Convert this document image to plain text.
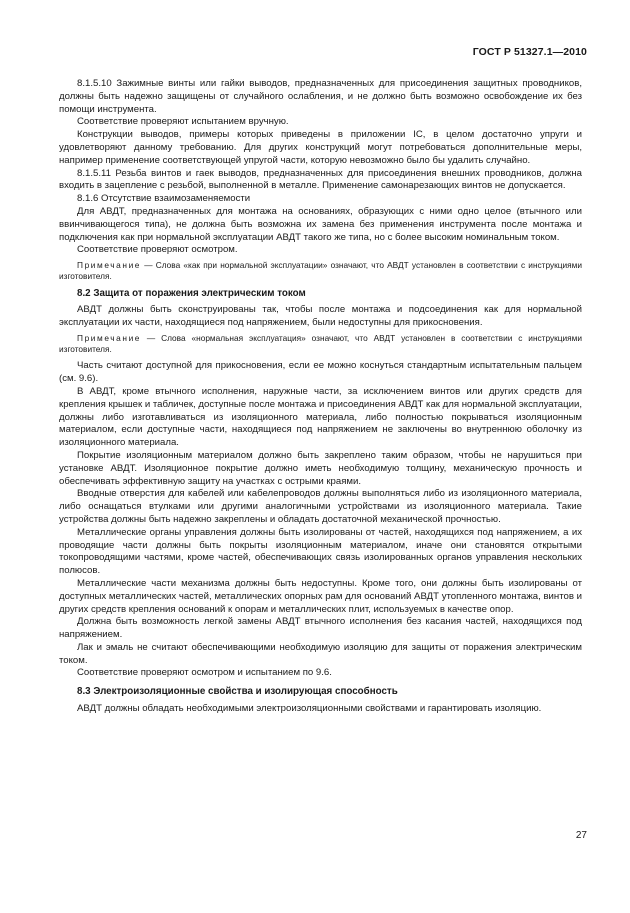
ГОСТ Р 51327.1—2010

8.1.5.10 Зажимные винты или гайки выводов, предназначенных для присоединения защитных проводников, должны быть надежно защищены от случайного ослабления, и не должно быть возможно освобождение их без помощи инструмента.

Соответствие проверяют испытанием вручную.

Конструкции выводов, примеры которых приведены в приложении IC, в целом достаточно упруги и удовлетворяют данному требованию. Для других конструкций могут потребоваться дополнительные меры, например применение соответствующей упругой части, которую невозможно было бы удалить случайно.

8.1.5.11 Резьба винтов и гаек выводов, предназначенных для присоединения внешних проводников, должна входить в зацепление с резьбой, выполненной в металле. Применение самонарезающих винтов не допускается.

8.1.6 Отсутствие взаимозаменяемости

Для АВДТ, предназначенных для монтажа на основаниях, образующих с ними одно целое (втычного или ввинчивающегося типа), не должна быть возможна их замена без применения инструмента после монтажа и подключения как при нормальной эксплуатации АВДТ такого же типа, но с более высоким номинальным током.

Соответствие проверяют осмотром.

Примечание — Слова «как при нормальной эксплуатации» означают, что АВДТ установлен в соответствии с инструкциями изготовителя.

8.2 Защита от поражения электрическим током

АВДТ должны быть сконструированы так, чтобы после монтажа и подсоединения как для нормальной эксплуатации их части, находящиеся под напряжением, были недоступны для прикосновения.

Примечание — Слова «нормальная эксплуатация» означают, что АВДТ установлен в соответствии с инструкциями изготовителя.

Часть считают доступной для прикосновения, если ее можно коснуться стандартным испытательным пальцем (см. 9.6).

В АВДТ, кроме втычного исполнения, наружные части, за исключением винтов или других средств для крепления крышек и табличек, доступные после монтажа и присоединения АВДТ как для нормальной эксплуатации, должны либо изготавливаться из изоляционного материала, либо полностью покрываться изоляционным материалом, если доступные части, находящиеся под напряжением не заключены во внутреннюю оболочку из изоляционного материала.

Покрытие изоляционным материалом должно быть закреплено таким образом, чтобы не нарушиться при установке АВДТ. Изоляционное покрытие должно иметь необходимую толщину, механическую прочность и обеспечивать эффективную защиту на участках с острыми краями.

Вводные отверстия для кабелей или кабелепроводов должны выполняться либо из изоляционного материала, либо оснащаться втулками или другими аналогичными устройствами из изоляционного материала. Такие устройства должны быть надежно закреплены и обладать достаточной механической прочностью.

Металлические органы управления должны быть изолированы от частей, находящихся под напряжением, а их проводящие части должны быть покрыты изоляционным материалом, иначе они становятся открытыми токопроводящими частями, кроме частей, обеспечивающих связь изолированных органов управления нескольких полюсов.

Металлические части механизма должны быть недоступны. Кроме того, они должны быть изолированы от доступных металлических частей, металлических опорных рам для оснований АВДТ утопленного монтажа, винтов и других средств крепления оснований к опорам и металлических плит, используемых в качестве опор.

Должна быть возможность легкой замены АВДТ втычного исполнения без касания частей, находящихся под напряжением.

Лак и эмаль не считают обеспечивающими необходимую изоляцию для защиты от поражения электрическим током.

Соответствие проверяют осмотром и испытанием по 9.6.

8.3 Электроизоляционные свойства и изолирующая способность

АВДТ должны обладать необходимыми электроизоляционными свойствами и гарантировать изоляцию.

27
